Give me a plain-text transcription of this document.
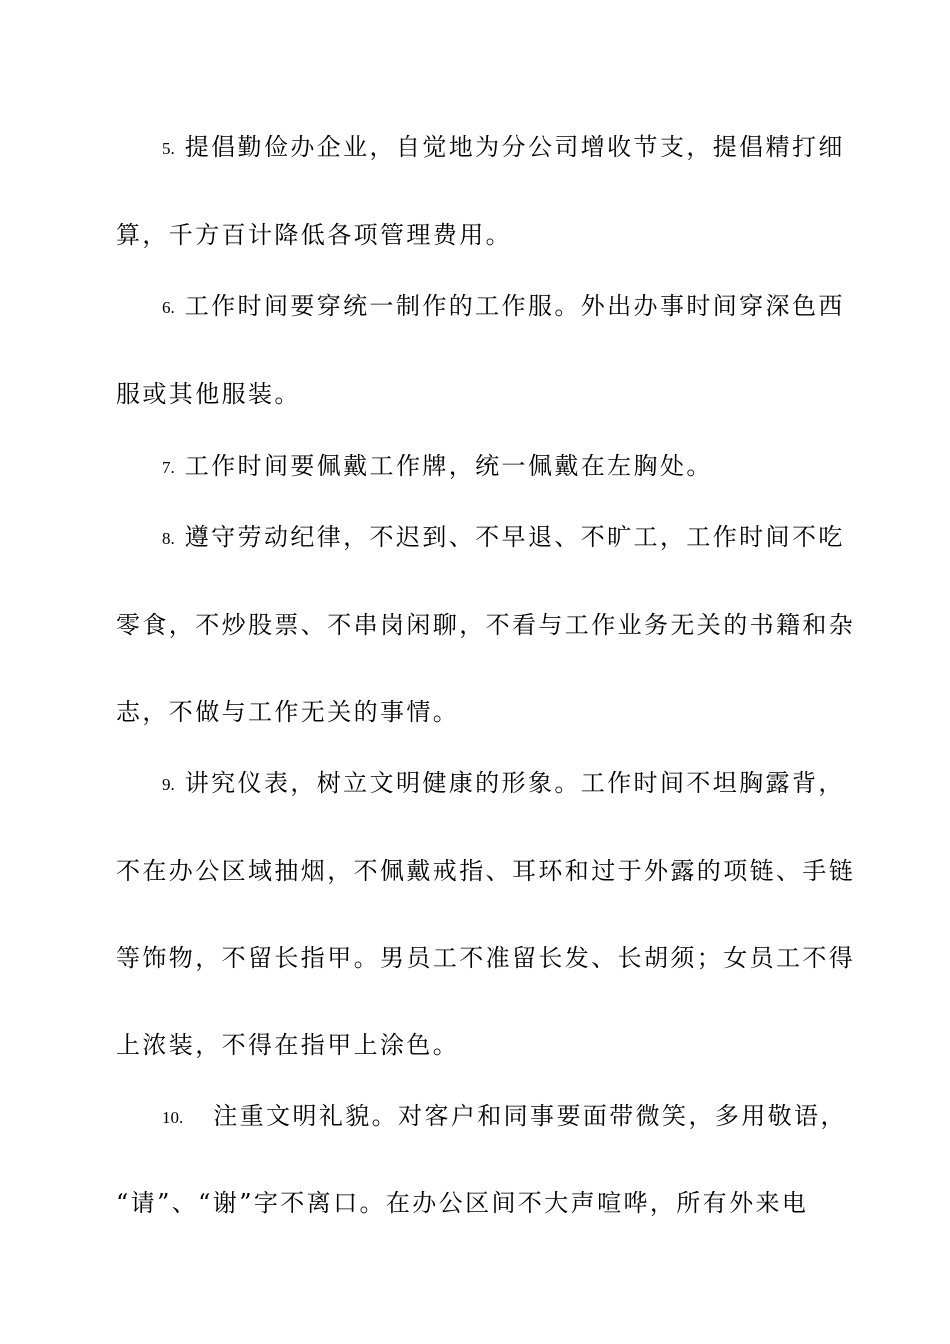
5. 提倡勤俭办企业，自觉地为分公司增收节支，提倡精打细
算，千方百计降低各项管理费用。
6. 工作时间要穿统一制作的工作服。外出办事时间穿深色西
服或其他服装。
7. 工作时间要佩戴工作牌，统一佩戴在左胸处。
8. 遵守劳动纪律，不迟到、不早退、不旷工，工作时间不吃
零食，不炒股票、不串岗闲聊，不看与工作业务无关的书籍和杂
志，不做与工作无关的事情。
9. 讲究仪表，树立文明健康的形象。工作时间不坦胸露背，
不在办公区域抽烟，不佩戴戒指、耳环和过于外露的项链、手链
等饰物，不留长指甲。男员工不准留长发、长胡须；女员工不得
上浓装，不得在指甲上涂色。
10. 注重文明礼貌。对客户和同事要面带微笑，多用敬语，
“请”、“谢”字不离口。在办公区间不大声喧哗，所有外来电
